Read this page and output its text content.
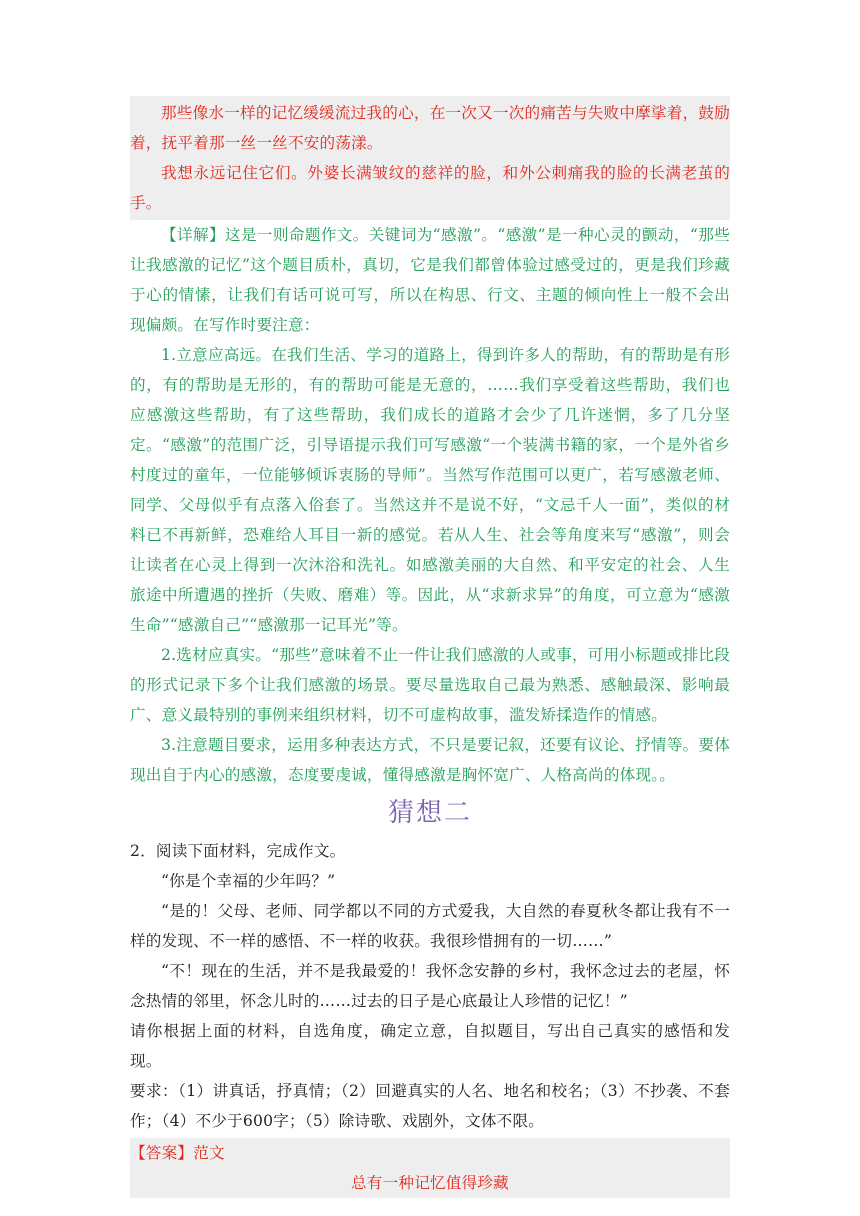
那些像水一样的记忆缓缓流过我的心，在一次又一次的痛苦与失败中摩挲着，鼓励着，抚平着那一丝一丝不安的荡漾。

我想永远记住它们。外婆长满皱纹的慈祥的脸，和外公刺痛我的脸的长满老茧的手。

【详解】这是一则命题作文。关键词为“感激”。“感激”是一种心灵的颤动，“那些让我感激的记忆”这个题目质朴，真切，它是我们都曾体验过感受过的，更是我们珍藏于心的情愫，让我们有话可说可写，所以在构思、行文、主题的倾向性上一般不会出现偏颇。在写作时要注意：

1.立意应高远。在我们生活、学习的道路上，得到许多人的帮助，有的帮助是有形的，有的帮助是无形的，有的帮助可能是无意的，……我们享受着这些帮助，我们也应感激这些帮助，有了这些帮助，我们成长的道路才会少了几许迷惘，多了几分坚定。“感激”的范围广泛，引导语提示我们可写感激“一个装满书籍的家，一个是外省乡村度过的童年，一位能够倾诉衷肠的导师”。当然写作范围可以更广，若写感激老师、同学、父母似乎有点落入俗套了。当然这并不是说不好，“文忌千人一面”，类似的材料已不再新鲜，恐难给人耳目一新的感觉。若从人生、社会等角度来写“感激”，则会让读者在心灵上得到一次沐浴和洗礼。如感激美丽的大自然、和平安定的社会、人生旅途中所遭遇的挫折（失败、磨难）等。因此，从“求新求异”的角度，可立意为“感激生命”“感激自己”“感激那一记耳光”等。

2.选材应真实。“那些”意味着不止一件让我们感激的人或事，可用小标题或排比段的形式记录下多个让我们感激的场景。要尽量选取自己最为熟悉、感触最深、影响最广、意义最特别的事例来组织材料，切不可虚构故事，滥发矫揉造作的情感。

3.注意题目要求，运用多种表达方式，不只是要记叙，还要有议论、抒情等。要体现出自于内心的感激，态度要虔诚，懂得感激是胸怀宽广、人格高尚的体现。。

猜想二

2．阅读下面材料，完成作文。

“你是个幸福的少年吗？”

“是的！父母、老师、同学都以不同的方式爱我，大自然的春夏秋冬都让我有不一样的发现、不一样的感悟、不一样的收获。我很珍惜拥有的一切……”

“不！现在的生活，并不是我最爱的！我怀念安静的乡村，我怀念过去的老屋，怀念热情的邻里，怀念儿时的……过去的日子是心底最让人珍惜的记忆！”

请你根据上面的材料，自选角度，确定立意，自拟题目，写出自己真实的感悟和发现。

要求：（1）讲真话，抒真情；（2）回避真实的人名、地名和校名；（3）不抄袭、不套作；（4）不少于600字；（5）除诗歌、戏剧外，文体不限。

【答案】范文

总有一种记忆值得珍藏
